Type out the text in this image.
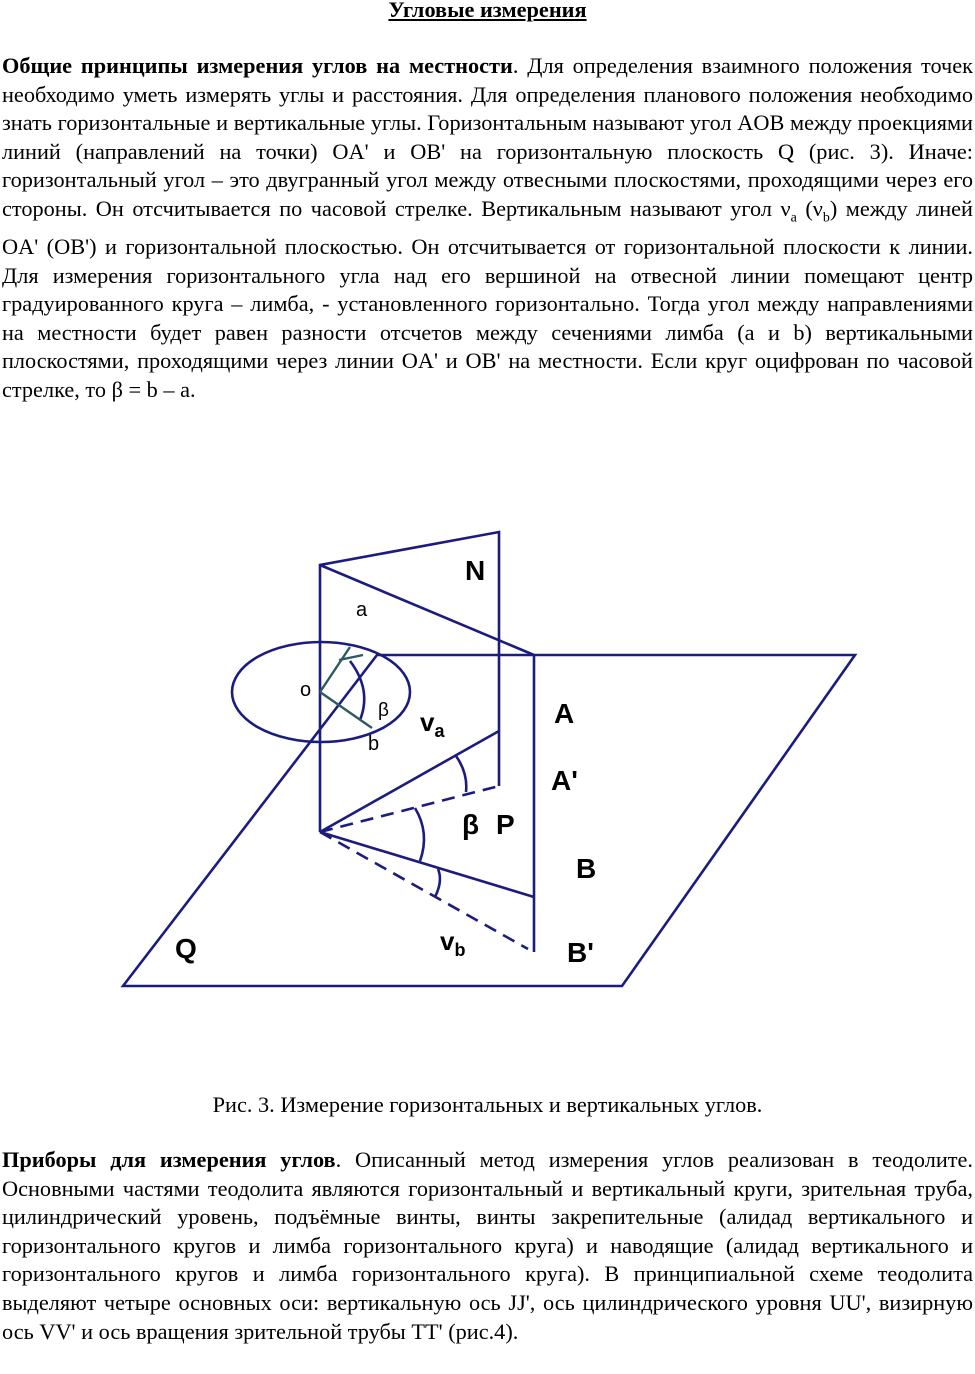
Угловые измерения

Общие принципы измерения углов на местности. Для определения взаимного положения точек необходимо уметь измерять углы и расстояния. Для определения планового положения необходимо знать горизонтальные и вертикальные углы. Горизонтальным называют угол AOB между проекциями линий (направлений на точки) OA' и OB' на горизонтальную плоскость Q (рис. 3). Иначе: горизонтальный угол – это двугранный угол между отвесными плоскостями, проходящими через его стороны. Он отсчитывается по часовой стрелке. Вертикальным называют угол $\nu_a$ $(\nu_b)$ между линей OA' (OB') и горизонтальной плоскостью. Он отсчитывается от горизонтальной плоскости к линии. Для измерения горизонтального угла над его вершиной на отвесной линии помещают центр градуированного круга – лимба, - установленного горизонтально. Тогда угол между направлениями на местности будет равен разности отсчетов между сечениями лимба (a и b) вертикальными плоскостями, проходящими через линии OA' и OB' на местности. Если круг оцифрован по часовой стрелке, то β = b – a.

N
a
o
β
b
$v_a$
A
A'
β P
B
Q	$v_b$	B'
Рис. 3. Измерение горизонтальных и вертикальных углов.

Приборы для измерения углов. Описанный метод измерения углов реализован в теодолите. Основными частями теодолита являются горизонтальный и вертикальный круги, зрительная труба, цилиндрический уровень, подъёмные винты, винты закрепительные (алидад вертикального и горизонтального кругов и лимба горизонтального круга) и наводящие (алидад вертикального и горизонтального кругов и лимба горизонтального круга). В принципиальной схеме теодолита выделяют четыре основных оси: вертикальную ось JJ', ось цилиндрического уровня UU', визирную ось VV' и ось вращения зрительной трубы TT' (рис.4).
